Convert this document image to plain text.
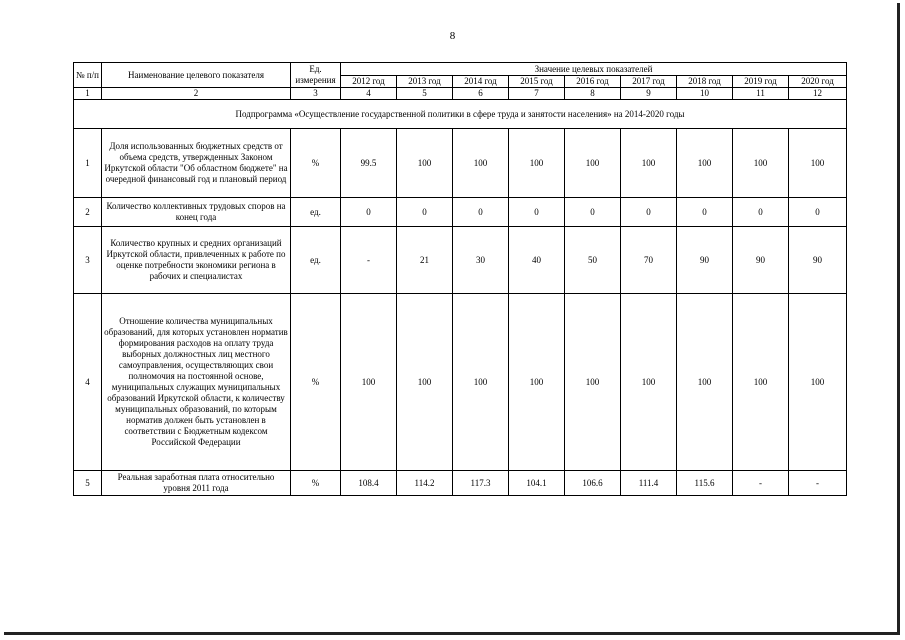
8
№ п/п	Наименование целевого показателя	Ед. измерения	Значение целевых показателей								
			2012 год	2013 год	2014 год	2015 год	2016 год	2017 год	2018 год	2019 год	2020 год
1	2	3	4	5	6	7	8	9	10	11	12
Подпрограмма «Осуществление государственной политики в сфере труда и занятости населения» на 2014-2020 годы											
1	Доля использованных бюджетных средств от объема средств, утвержденных Законом Иркутской области "Об областном бюджете" на очередной финансовый год и плановый период	%	99.5	100	100	100	100	100	100	100	100
2	Количество коллективных трудовых споров на конец года	ед.	0	0	0	0	0	0	0	0	0
3	Количество крупных и средних организаций Иркутской области, привлеченных к работе по оценке потребности экономики региона в рабочих и специалистах	ед.	-	21	30	40	50	70	90	90	90
4	Отношение количества муниципальных образований, для которых установлен норматив формирования расходов на оплату труда выборных должностных лиц местного самоуправления, осуществляющих свои полномочия на постоянной основе, муниципальных служащих муниципальных образований Иркутской области, к количеству муниципальных образований, по которым норматив должен быть установлен в соответствии с Бюджетным кодексом Российской Федерации	%	100	100	100	100	100	100	100	100	100
5	Реальная заработная плата относительно уровня 2011 года	%	108.4	114.2	117.3	104.1	106.6	111.4	115.6	-	-
